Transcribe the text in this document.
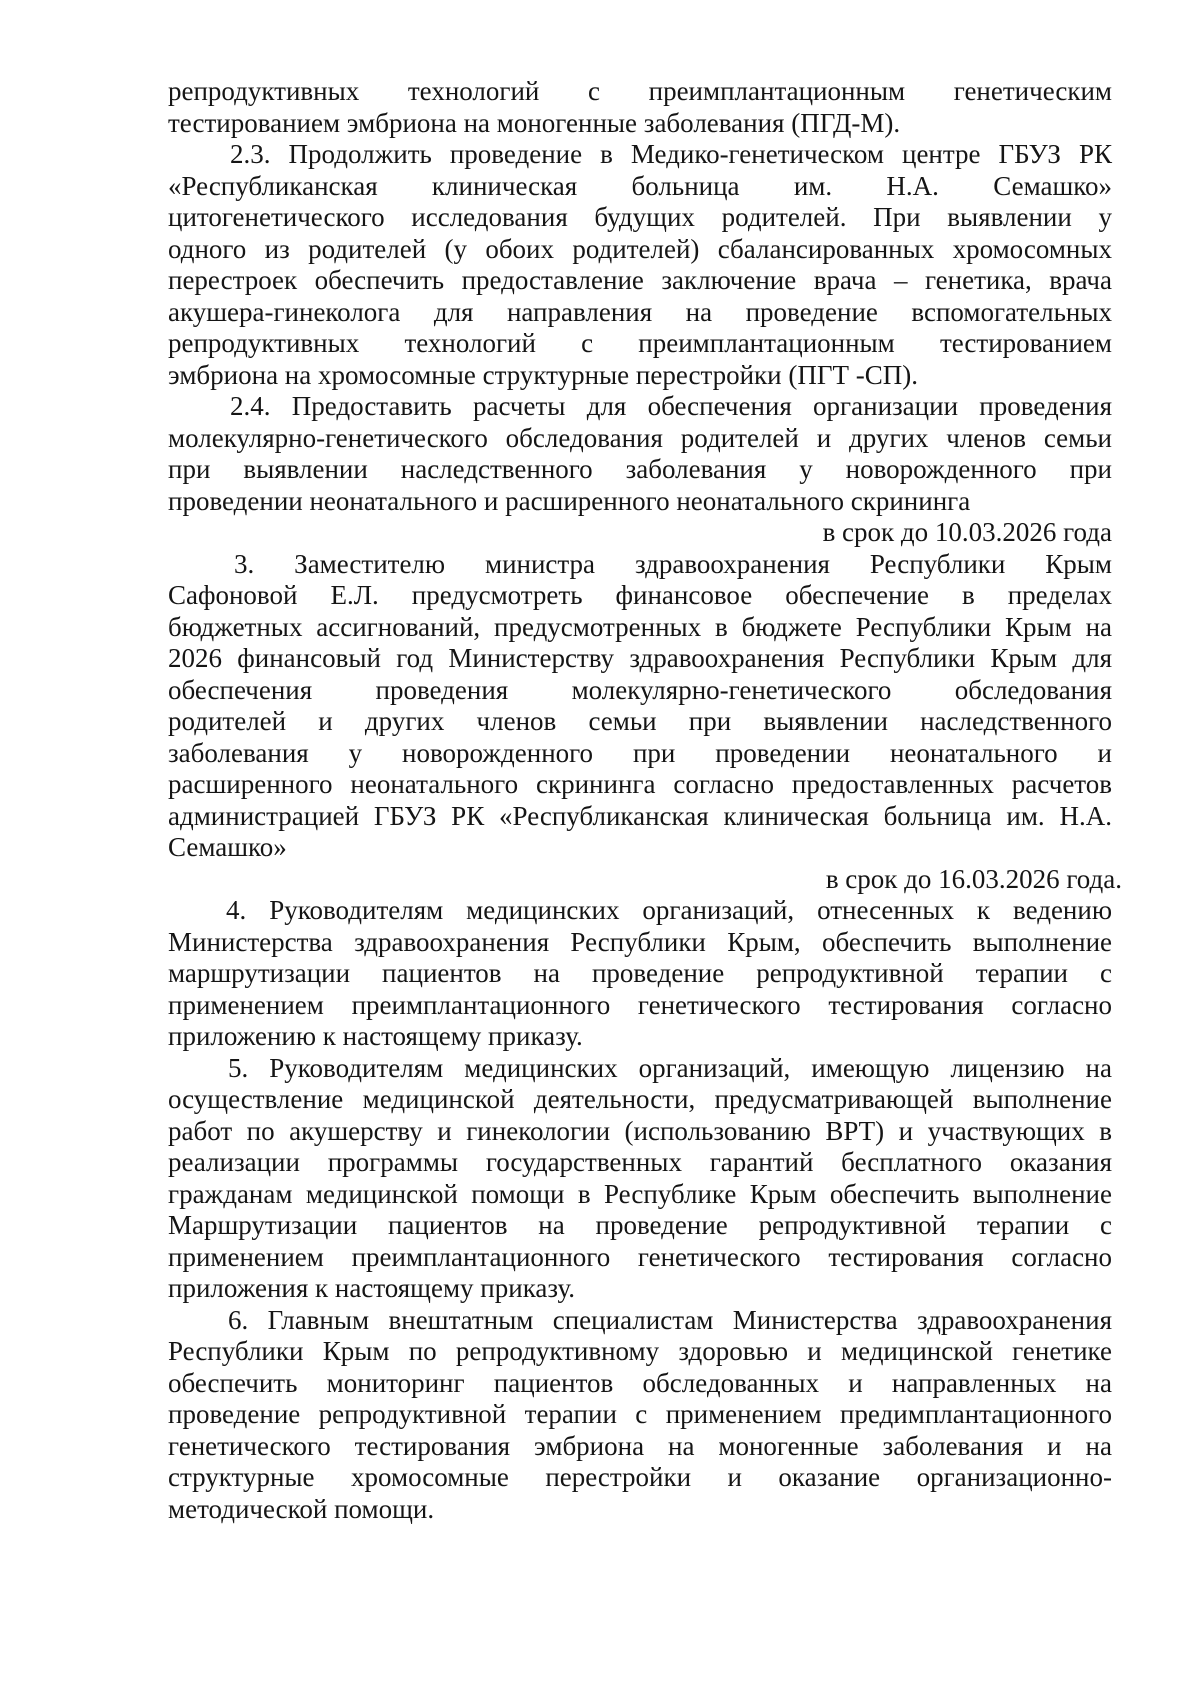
репродуктивных технологий с преимплантационным генетическим
тестированием эмбриона на моногенные заболевания (ПГД-М).
2.3. Продолжить проведение в Медико-генетическом центре ГБУЗ РК
«Республиканская клиническая больница им. Н.А. Семашко»
цитогенетического исследования будущих родителей. При выявлении у
одного из родителей (у обоих родителей) сбалансированных хромосомных
перестроек обеспечить предоставление заключение врача – генетика, врача
акушера-гинеколога для направления на проведение вспомогательных
репродуктивных технологий с преимплантационным тестированием
эмбриона на хромосомные структурные перестройки (ПГТ -СП).
2.4. Предоставить расчеты для обеспечения организации проведения
молекулярно-генетического обследования родителей и других членов семьи
при выявлении наследственного заболевания у новорожденного при
проведении неонатального и расширенного неонатального скрининга
в срок до 10.03.2026 года
3. Заместителю министра здравоохранения Республики Крым
Сафоновой Е.Л. предусмотреть финансовое обеспечение в пределах
бюджетных ассигнований, предусмотренных в бюджете Республики Крым на
2026 финансовый год Министерству здравоохранения Республики Крым для
обеспечения проведения молекулярно-генетического обследования
родителей и других членов семьи при выявлении наследственного
заболевания у новорожденного при проведении неонатального и
расширенного неонатального скрининга согласно предоставленных расчетов
администрацией ГБУЗ РК «Республиканская клиническая больница им. Н.А.
Семашко»
в срок до 16.03.2026 года.
4. Руководителям медицинских организаций, отнесенных к ведению
Министерства здравоохранения Республики Крым, обеспечить выполнение
маршрутизации пациентов на проведение репродуктивной терапии с
применением преимплантационного генетического тестирования согласно
приложению к настоящему приказу.
5. Руководителям медицинских организаций, имеющую лицензию на
осуществление медицинской деятельности, предусматривающей выполнение
работ по акушерству и гинекологии (использованию ВРТ) и участвующих в
реализации программы государственных гарантий бесплатного оказания
гражданам медицинской помощи в Республике Крым обеспечить выполнение
Маршрутизации пациентов на проведение репродуктивной терапии с
применением преимплантационного генетического тестирования согласно
приложения к настоящему приказу.
6. Главным внештатным специалистам Министерства здравоохранения
Республики Крым по репродуктивному здоровью и медицинской генетике
обеспечить мониторинг пациентов обследованных и направленных на
проведение репродуктивной терапии с применением предимплантационного
генетического тестирования эмбриона на моногенные заболевания и на
структурные хромосомные перестройки и оказание организационно-
методической помощи.
